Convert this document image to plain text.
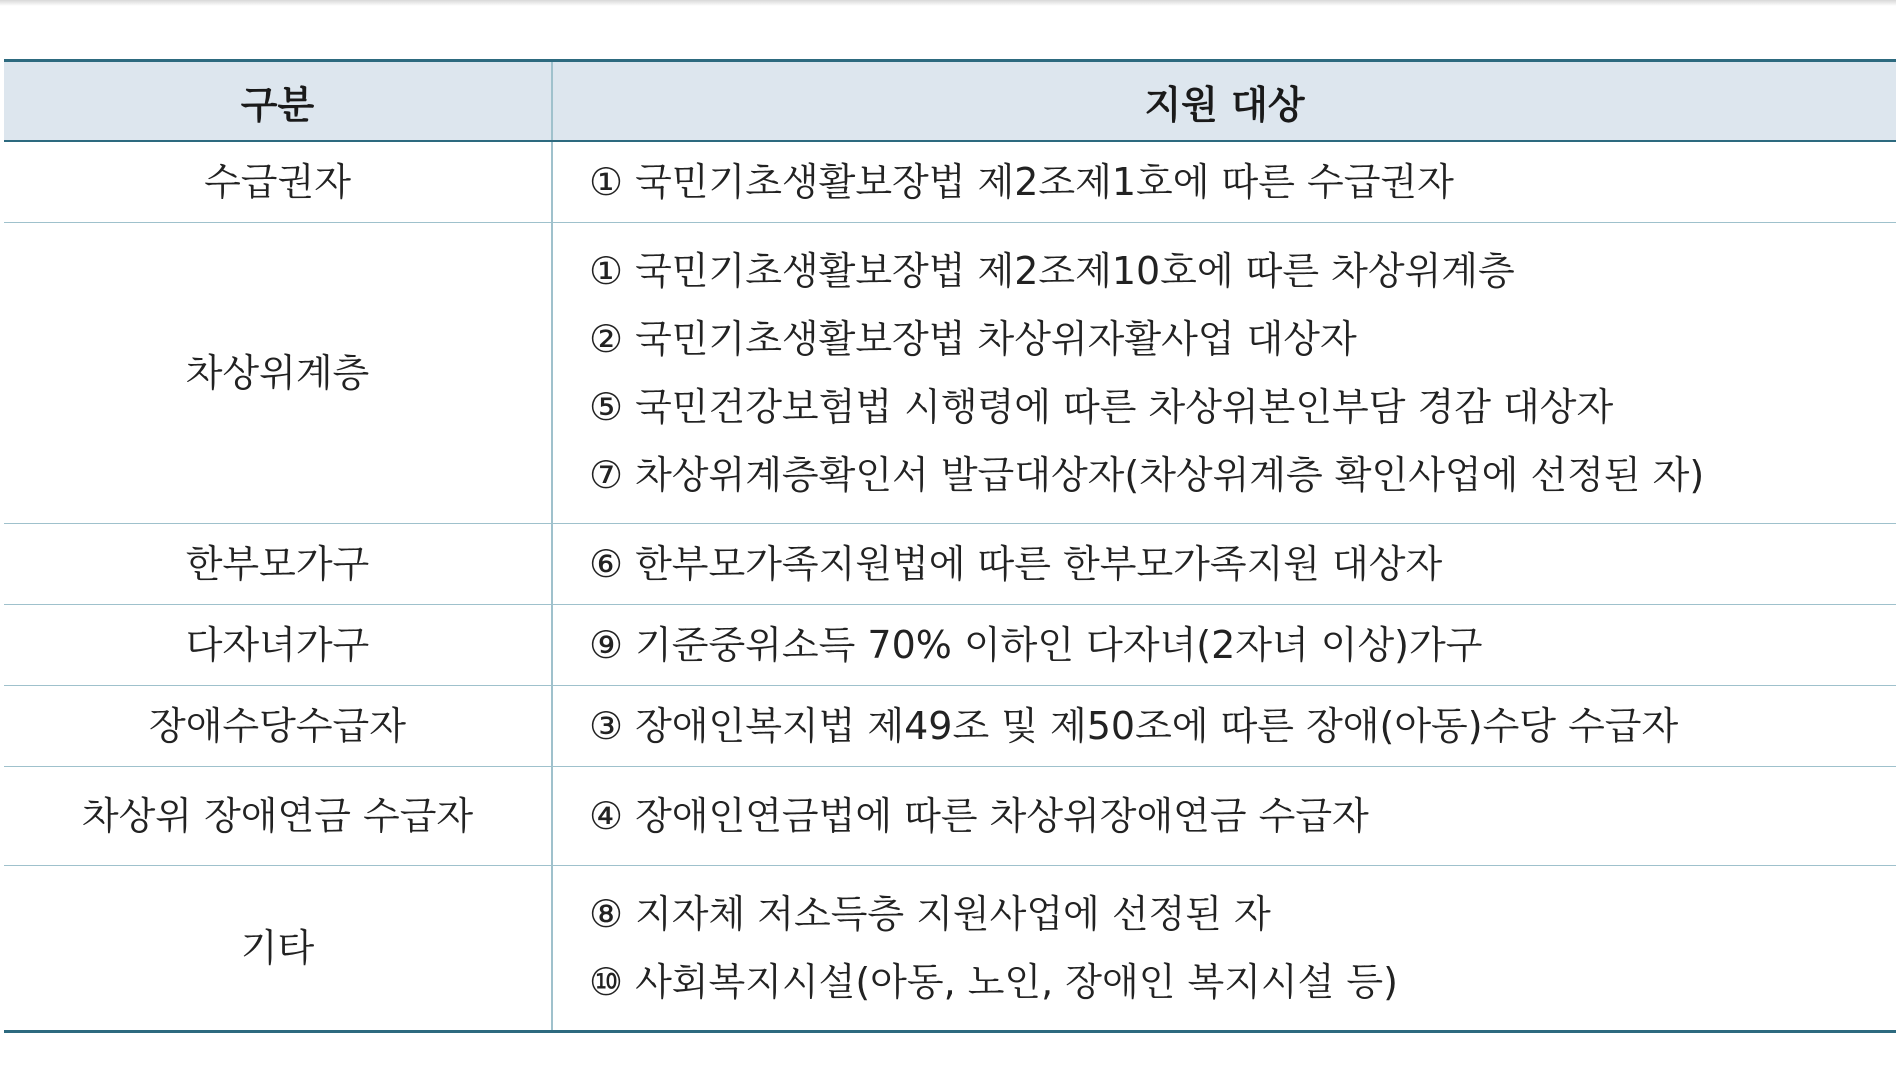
구분	지원 대상
수급권자	① 국민기초생활보장법 제2조제1호에 따른 수급권자

차상위계층	① 국민기초생활보장법 제2조제10호에 따른 차상위계층
② 국민기초생활보장법 차상위자활사업 대상자
⑤ 국민건강보험법 시행령에 따른 차상위본인부담 경감 대상자
⑦ 차상위계층확인서 발급대상자(차상위계층 확인사업에 선정된 자)

한부모가구	⑥ 한부모가족지원법에 따른 한부모가족지원 대상자

다자녀가구	⑨ 기준중위소득 70% 이하인 다자녀(2자녀 이상)가구

장애수당수급자	③ 장애인복지법 제49조 및 제50조에 따른 장애(아동)수당 수급자

차상위 장애연금 수급자	④ 장애인연금법에 따른 차상위장애연금 수급자

기타	⑧ 지자체 저소득층 지원사업에 선정된 자
⑩ 사회복지시설(아동, 노인, 장애인 복지시설 등)
